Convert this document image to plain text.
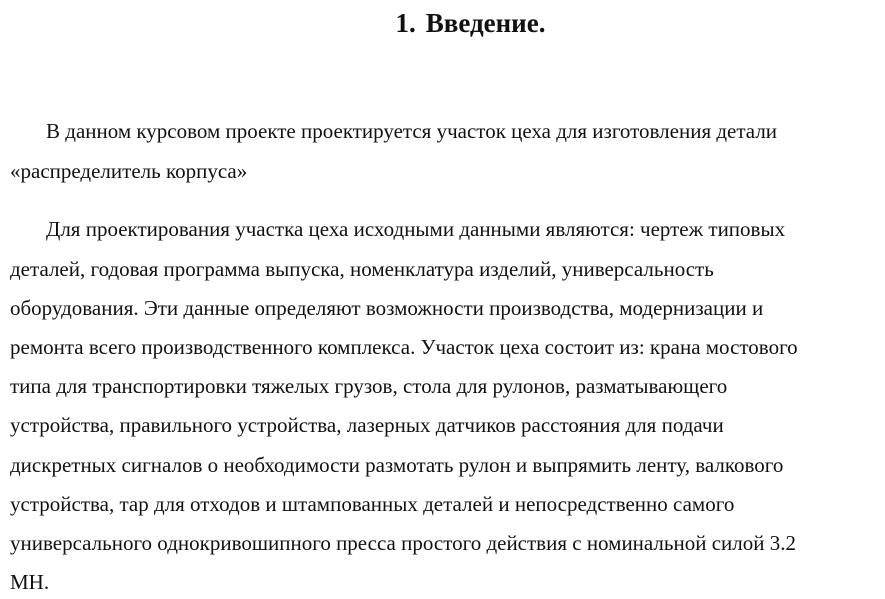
1. Введение.

В данном курсовом проекте проектируется участок цеха для изготовления детали

«распределитель корпуса»

Для проектирования участка цеха исходными данными являются: чертеж типовых

деталей, годовая программа выпуска, номенклатура изделий, универсальность

оборудования. Эти данные определяют возможности производства, модернизации и

ремонта всего производственного комплекса. Участок цеха состоит из: крана мостового

типа для транспортировки тяжелых грузов, стола для рулонов, разматывающего

устройства, правильного устройства, лазерных датчиков расстояния для подачи

дискретных сигналов о необходимости размотать рулон и выпрямить ленту, валкового

устройства, тар для отходов и штампованных деталей и непосредственно самого

универсального однокривошипного пресса простого действия с номинальной силой 3.2

МН.
